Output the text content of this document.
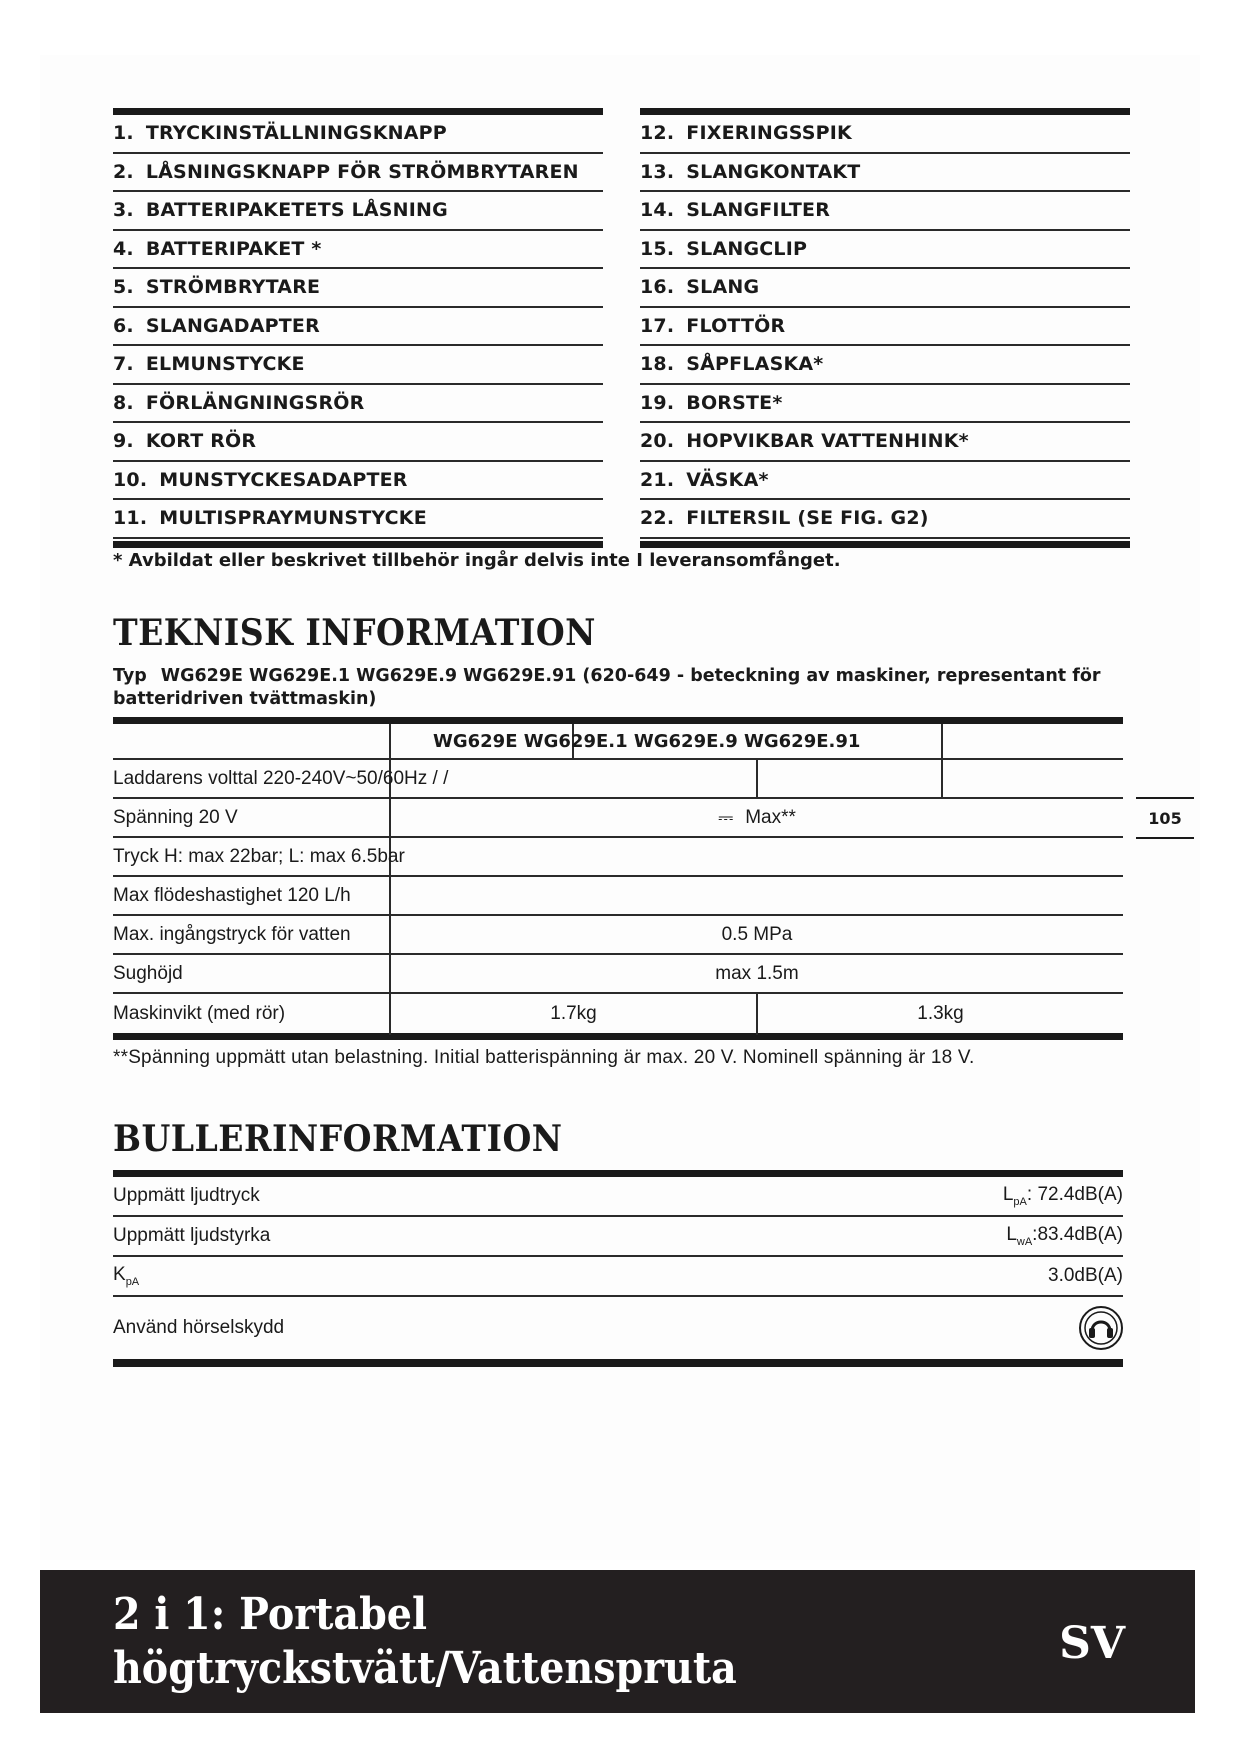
1. TRYCKINSTÄLLNINGSKNAPP
2. LÅSNINGSKNAPP FÖR STRÖMBRYTAREN
3. BATTERIPAKETETS LÅSNING
4. BATTERIPAKET *
5. STRÖMBRYTARE
6. SLANGADAPTER
7. ELMUNSTYCKE
8. FÖRLÄNGNINGSRÖR
9. KORT RÖR
10. MUNSTYCKESADAPTER
11. MULTISPRAYMUNSTYCKE
12. FIXERINGSSPIK
13. SLANGKONTAKT
14. SLANGFILTER
15. SLANGCLIP
16. SLANG
17. FLOTTÖR
18. SÅPFLASKA*
19. BORSTE*
20. HOPVIKBAR VATTENHINK*
21. VÄSKA*
22. FILTERSIL (SE FIG. G2)
* Avbildat eller beskrivet tillbehör ingår delvis inte I leveransomfånget.
TEKNISK INFORMATION
Typ WG629E WG629E.1 WG629E.9 WG629E.91 (620-649 - beteckning av maskiner, representant för batteridriven tvättmaskin)
WG629E WG629E.1 WG629E.9 WG629E.91
Laddarens volttal 220-240V~50/60Hz / /
Spänning 20 V	⎓ Max**
Tryck H: max 22bar; L: max 6.5bar
Max flödeshastighet 120 L/h
Max. ingångstryck för vatten	0.5 MPa
Sughöjd	max 1.5m
Maskinvikt (med rör)	1.7kg	1.3kg
**Spänning uppmätt utan belastning. Initial batterispänning är max. 20 V. Nominell spänning är 18 V.
BULLERINFORMATION
Uppmätt ljudtryck	$L_{pA}$: 72.4dB(A)
Uppmätt ljudstyrka	$L_{wA}:83.4dB(A)$
$K_{pA}$	3.0dB(A)
Använd hörselskydd
105
2 i 1: Portabel
högtryckstvätt/Vattenspruta	SV
